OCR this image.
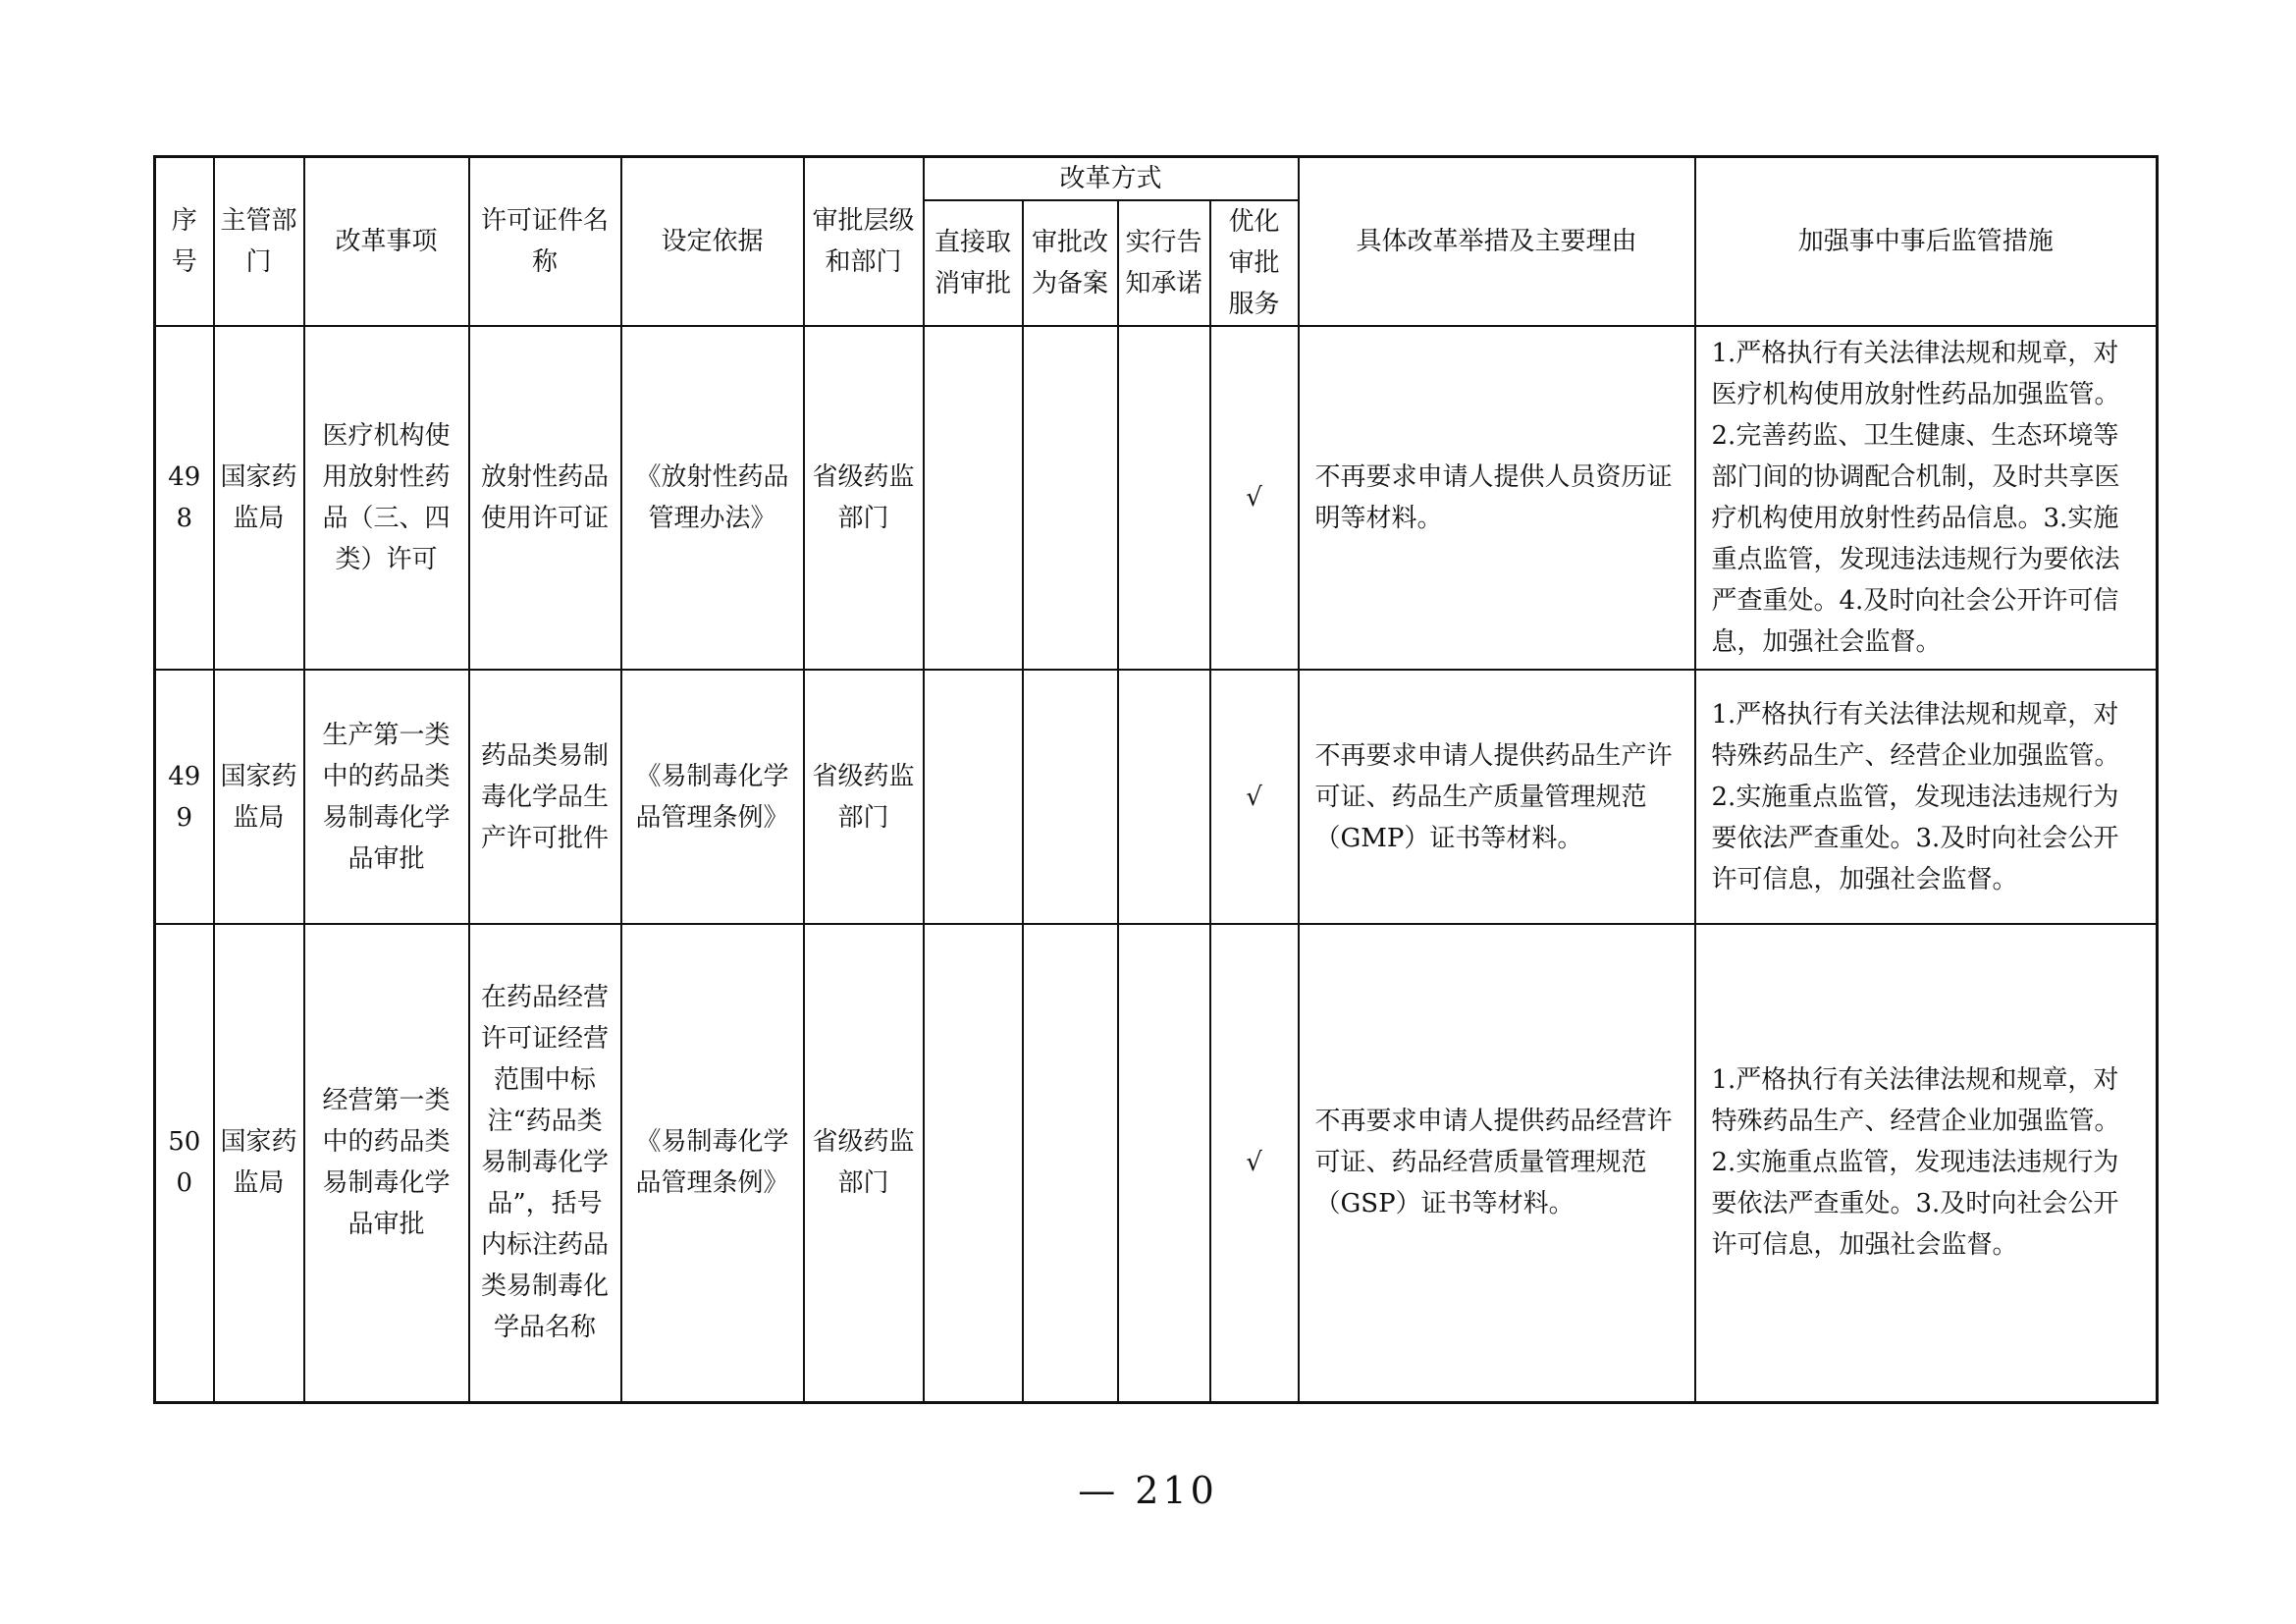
序号	主管部门	改革事项	许可证件名称	设定依据	审批层级和部门	改革方式				具体改革举措及主要理由	加强事中事后监管措施
						直接取消审批	审批改为备案	实行告知承诺	优化审批服务		
498	国家药监局	医疗机构使用放射性药品（三、四类）许可	放射性药品使用许可证	《放射性药品管理办法》	省级药监部门				√	不再要求申请人提供人员资历证明等材料。	1.严格执行有关法律法规和规章，对医疗机构使用放射性药品加强监管。2.完善药监、卫生健康、生态环境等部门间的协调配合机制，及时共享医疗机构使用放射性药品信息。3.实施重点监管，发现违法违规行为要依法严查重处。4.及时向社会公开许可信息，加强社会监督。
499	国家药监局	生产第一类中的药品类易制毒化学品审批	药品类易制毒化学品生产许可批件	《易制毒化学品管理条例》	省级药监部门				√	不再要求申请人提供药品生产许可证、药品生产质量管理规范（GMP）证书等材料。	1.严格执行有关法律法规和规章，对特殊药品生产、经营企业加强监管。2.实施重点监管，发现违法违规行为要依法严查重处。3.及时向社会公开许可信息，加强社会监督。
500	国家药监局	经营第一类中的药品类易制毒化学品审批	在药品经营许可证经营范围中标注“药品类易制毒化学品”，括号内标注药品类易制毒化学品名称	《易制毒化学品管理条例》	省级药监部门				√	不再要求申请人提供药品经营许可证、药品经营质量管理规范（GSP）证书等材料。	1.严格执行有关法律法规和规章，对特殊药品生产、经营企业加强监管。2.实施重点监管，发现违法违规行为要依法严查重处。3.及时向社会公开许可信息，加强社会监督。
— 210
